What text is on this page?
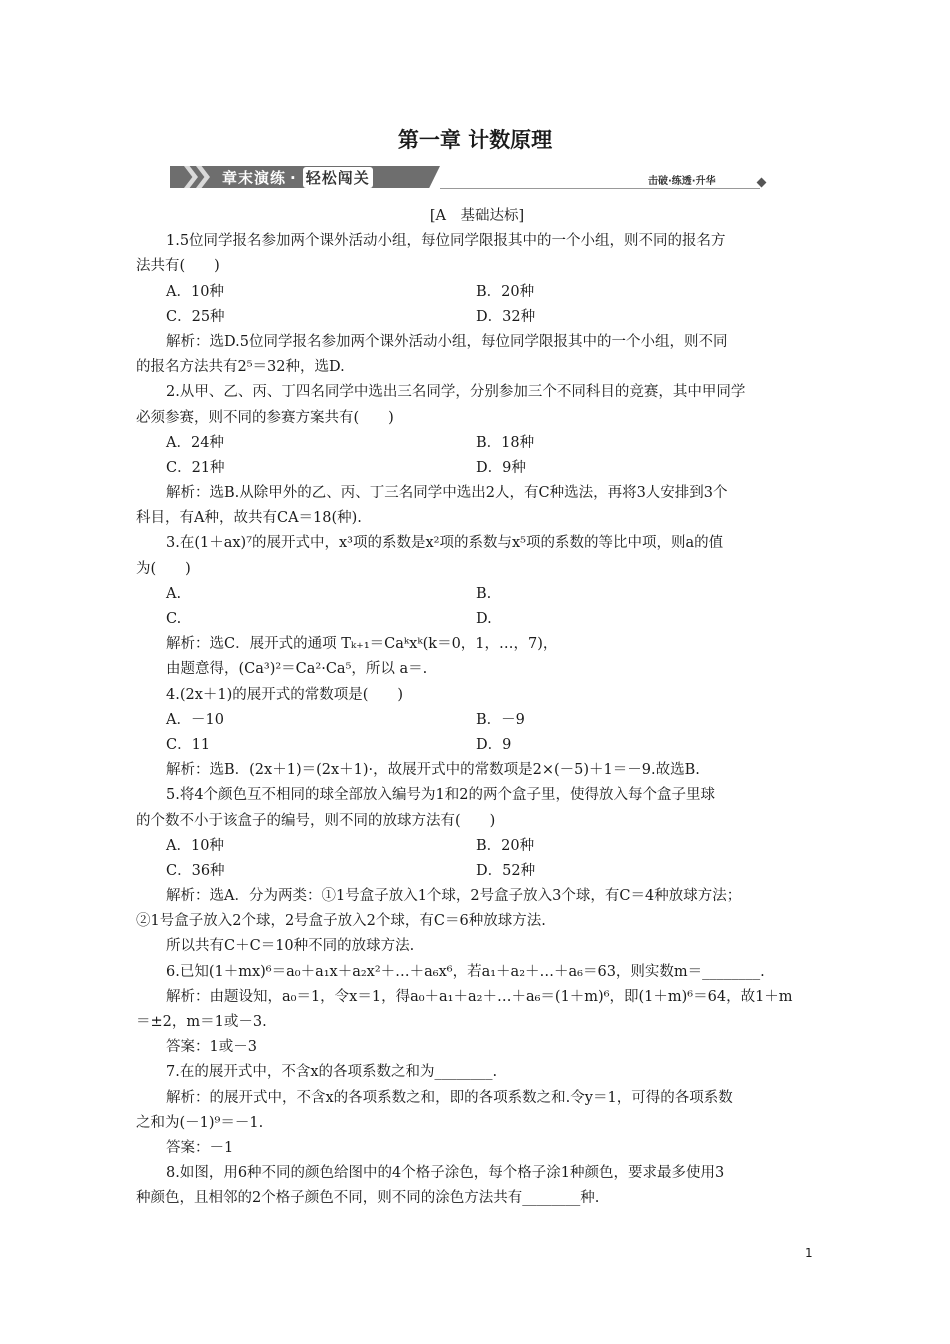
第一章 计数原理
章末演练 · 轻松闯关	击破·练透·升华
[A　基础达标]
1.5位同学报名参加两个课外活动小组，每位同学限报其中的一个小组，则不同的报名方
法共有(　　)
A．10种	B．20种
C．25种	D．32种
解析：选D.5位同学报名参加两个课外活动小组，每位同学限报其中的一个小组，则不同
的报名方法共有2⁵＝32种，选D.
2.从甲、乙、丙、丁四名同学中选出三名同学，分别参加三个不同科目的竞赛，其中甲同学
必须参赛，则不同的参赛方案共有(　　)
A．24种	B．18种
C．21种	D．9种
解析：选B.从除甲外的乙、丙、丁三名同学中选出2人，有C种选法，再将3人安排到3个
科目，有A种，故共有CA＝18(种).
3.在(1＋ax)⁷的展开式中，x³项的系数是x²项的系数与x⁵项的系数的等比中项，则a的值
为(　　)
A.	B.
C.	D.
解析：选C．展开式的通项 Tₖ₊₁＝Caᵏxᵏ(k＝0，1，…，7)，
由题意得，(Ca³)²＝Ca²·Ca⁵，所以 a＝.
4.(2x＋1)的展开式的常数项是(　　)
A．－10	B．－9
C．11	D．9
解析：选B．(2x＋1)＝(2x＋1)·，故展开式中的常数项是2×(－5)＋1＝－9.故选B.
5.将4个颜色互不相同的球全部放入编号为1和2的两个盒子里，使得放入每个盒子里球
的个数不小于该盒子的编号，则不同的放球方法有(　　)
A．10种	B．20种
C．36种	D．52种
解析：选A．分为两类：①1号盒子放入1个球，2号盒子放入3个球，有C＝4种放球方法；
②1号盒子放入2个球，2号盒子放入2个球，有C＝6种放球方法.
所以共有C＋C＝10种不同的放球方法.
6.已知(1＋mx)⁶＝a₀＋a₁x＋a₂x²＋…＋a₆x⁶，若a₁＋a₂＋…＋a₆＝63，则实数m＝________.
解析：由题设知，a₀＝1，令x＝1，得a₀＋a₁＋a₂＋…＋a₆＝(1＋m)⁶，即(1＋m)⁶＝64，故1＋m
＝±2，m＝1或－3.
答案：1或－3
7.在的展开式中，不含x的各项系数之和为________.
解析：的展开式中，不含x的各项系数之和，即的各项系数之和.令y＝1，可得的各项系数
之和为(－1)⁹＝－1.
答案：－1
8.如图，用6种不同的颜色给图中的4个格子涂色，每个格子涂1种颜色，要求最多使用3
种颜色，且相邻的2个格子颜色不同，则不同的涂色方法共有________种.
1
